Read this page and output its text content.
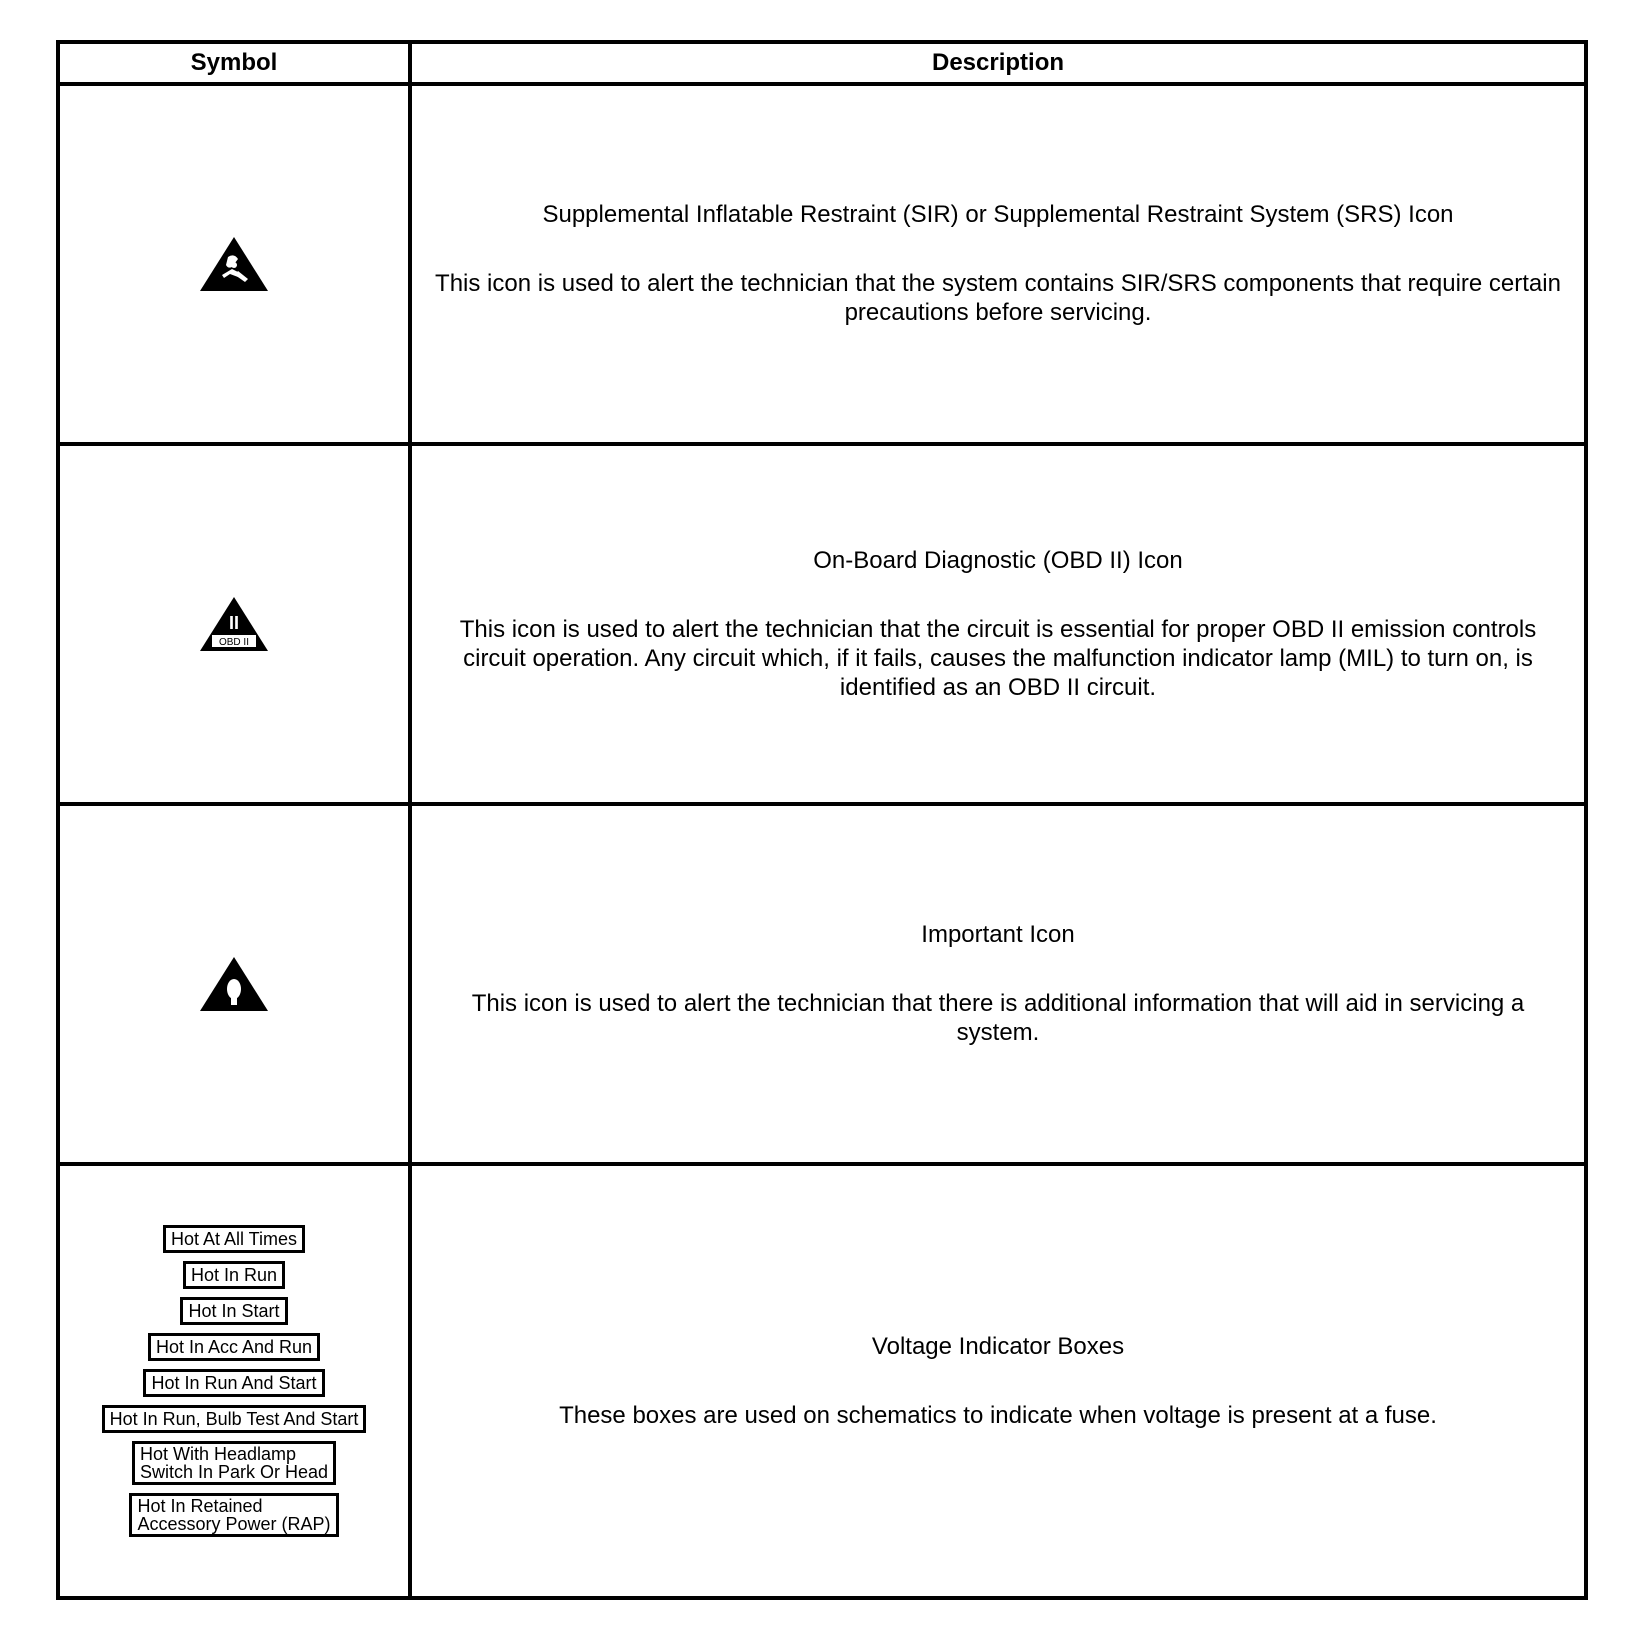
Symbol	Description
Supplemental Inflatable Restraint (SIR) or Supplemental Restraint System (SRS) Icon
This icon is used to alert the technician that the system contains SIR/SRS components that require certain precautions before servicing.
II
OBD II
On-Board Diagnostic (OBD II) Icon
This icon is used to alert the technician that the circuit is essential for proper OBD II emission controls circuit operation. Any circuit which, if it fails, causes the malfunction indicator lamp (MIL) to turn on, is identified as an OBD II circuit.
Important Icon
This icon is used to alert the technician that there is additional information that will aid in servicing a system.
Hot At All Times
Hot In Run
Hot In Start
Hot In Acc And Run
Hot In Run And Start
Hot In Run, Bulb Test And Start
Hot With Headlamp
Switch In Park Or Head
Hot In Retained
Accessory Power (RAP)
Voltage Indicator Boxes
These boxes are used on schematics to indicate when voltage is present at a fuse.
